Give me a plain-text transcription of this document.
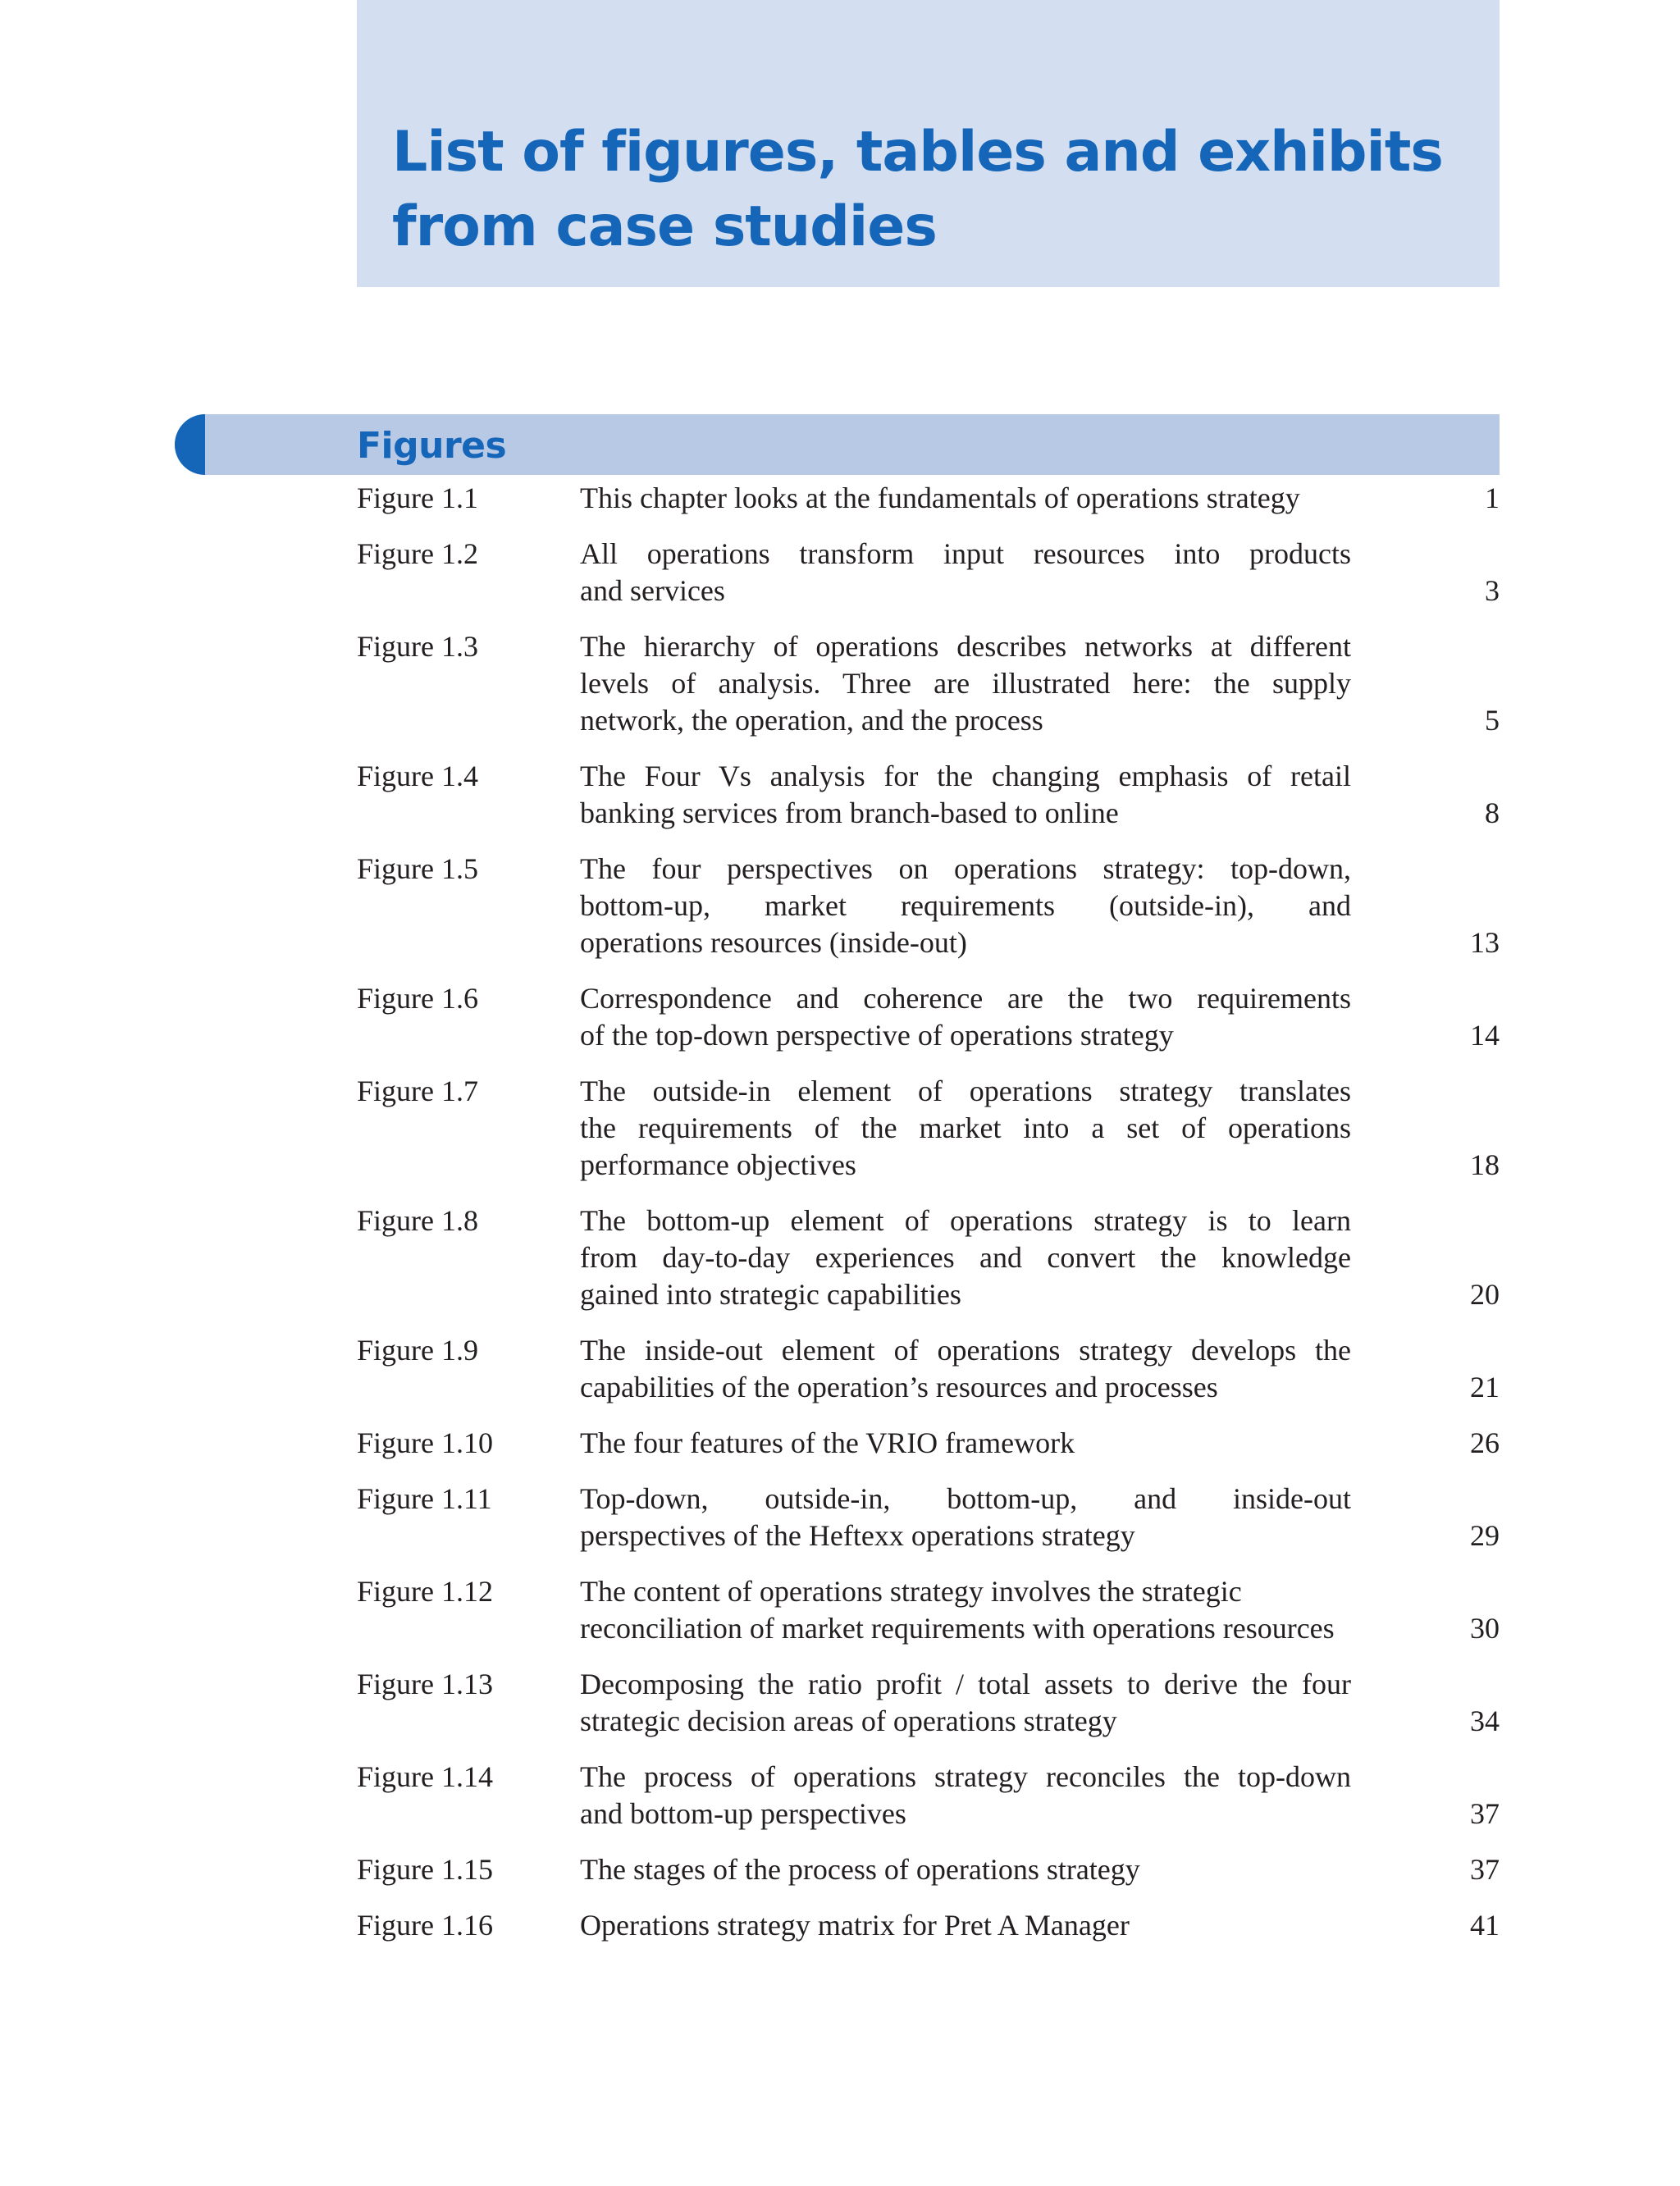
List of figures, tables and exhibits
from case studies
Figures
Figure 1.1	This chapter looks at the fundamentals of operations strategy	1
Figure 1.2	All operations transform input resources into products
and services	3
Figure 1.3	The hierarchy of operations describes networks at different
levels of analysis. Three are illustrated here: the supply
network, the operation, and the process	5
Figure 1.4	The Four Vs analysis for the changing emphasis of retail
banking services from branch-based to online	8
Figure 1.5	The four perspectives on operations strategy: top-down,
bottom-up, market requirements (outside-in), and
operations resources (inside-out)	13
Figure 1.6	Correspondence and coherence are the two requirements
of the top-down perspective of operations strategy	14
Figure 1.7	The outside-in element of operations strategy translates
the requirements of the market into a set of operations
performance objectives	18
Figure 1.8	The bottom-up element of operations strategy is to learn
from day-to-day experiences and convert the knowledge
gained into strategic capabilities	20
Figure 1.9	The inside-out element of operations strategy develops the
capabilities of the operation’s resources and processes	21
Figure 1.10	The four features of the VRIO framework	26
Figure 1.11	Top-down, outside-in, bottom-up, and inside-out
perspectives of the Heftexx operations strategy	29
Figure 1.12	The content of operations strategy involves the strategic
reconciliation of market requirements with operations resources	30
Figure 1.13	Decomposing the ratio profit / total assets to derive the four
strategic decision areas of operations strategy	34
Figure 1.14	The process of operations strategy reconciles the top-down
and bottom-up perspectives	37
Figure 1.15	The stages of the process of operations strategy	37
Figure 1.16	Operations strategy matrix for Pret A Manager	41
